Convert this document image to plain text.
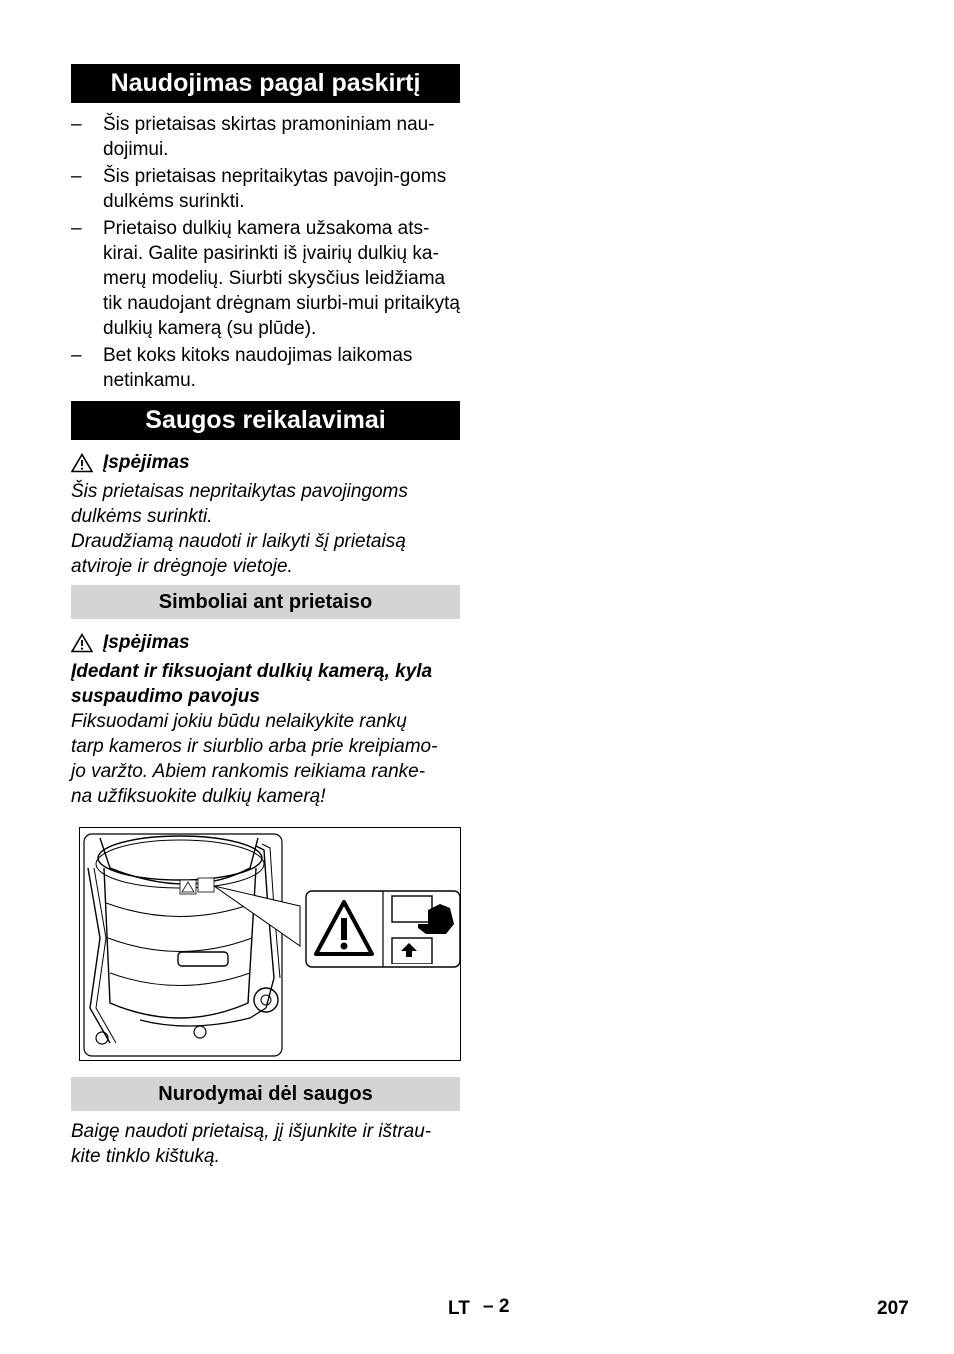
Naudojimas pagal paskirtį
– Šis prietaisas skirtas pramoniniam nau-dojimui.
– Šis prietaisas nepritaikytas pavojin-goms dulkėms surinkti.
– Prietaiso dulkių kamera užsakoma ats-kirai. Galite pasirinkti iš įvairių dulkių ka-merų modelių. Siurbti skysčius leidžiama tik naudojant drėgnam siurbi-mui pritaikytą dulkių kamerą (su plūde).
– Bet koks kitoks naudojimas laikomas netinkamu.
Saugos reikalavimai
Įspėjimas
Šis prietaisas nepritaikytas pavojingoms
dulkėms surinkti.
Draudžiamą naudoti ir laikyti šį prietaisą
atviroje ir drėgnoje vietoje.
Simboliai ant prietaiso
Įspėjimas
Įdedant ir fiksuojant dulkių kamerą, kyla
suspaudimo pavojus
Fiksuodami jokiu būdu nelaikykite rankų
tarp kameros ir siurblio arba prie kreipiamo-
jo varžto. Abiem rankomis reikiama ranke-
na užfiksuokite dulkių kamerą!
Nurodymai dėl saugos
Baigę naudoti prietaisą, jį išjunkite ir ištrau-
kite tinklo kištuką.
LT – 2	207
